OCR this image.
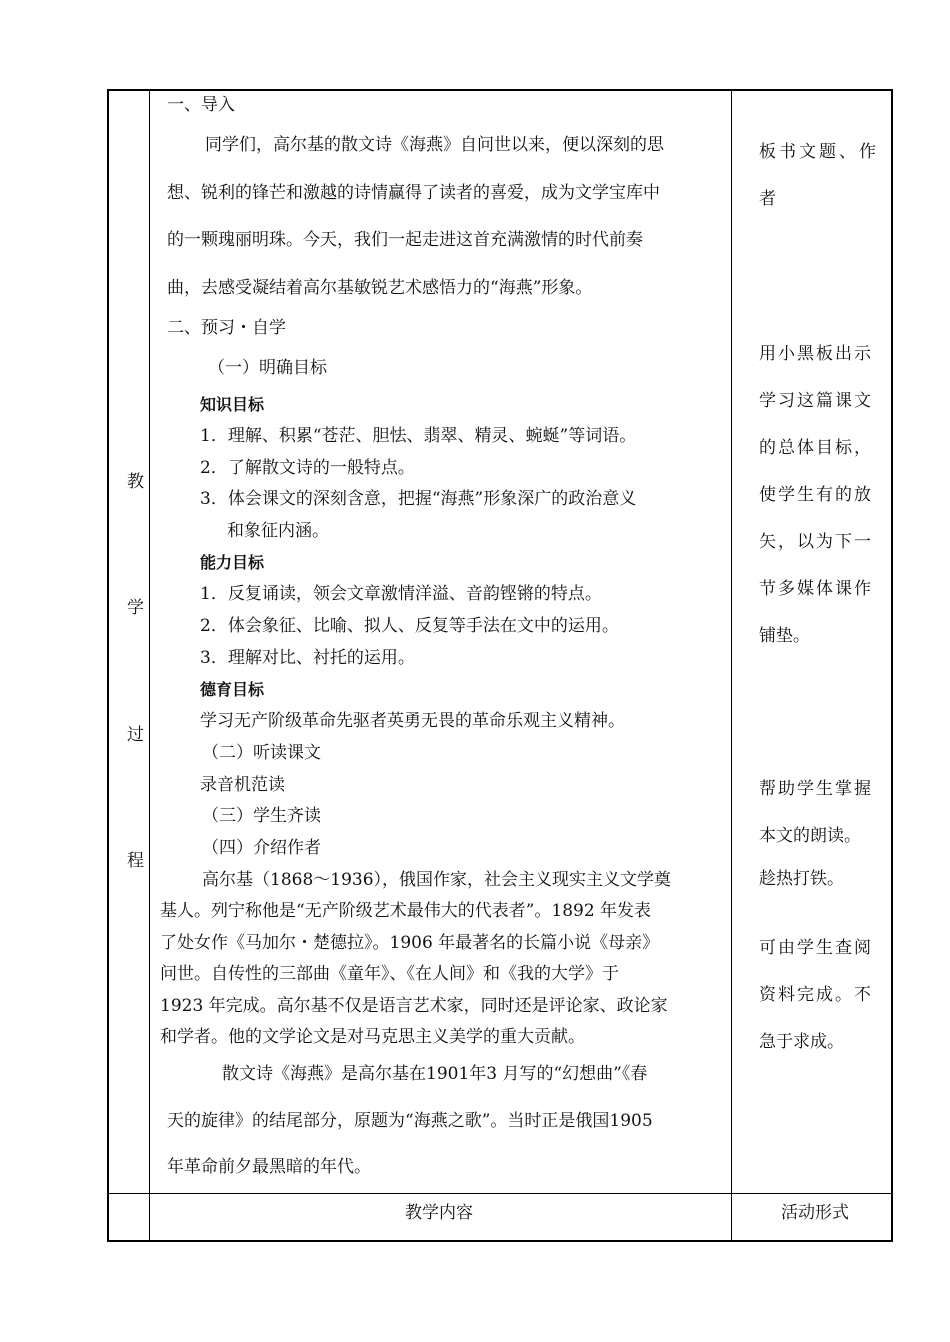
教
学
过
程
一、导入
同学们，高尔基的散文诗《海燕》自问世以来，便以深刻的思
想、锐利的锋芒和激越的诗情赢得了读者的喜爱，成为文学宝库中
的一颗瑰丽明珠。今天，我们一起走进这首充满激情的时代前奏
曲，去感受凝结着高尔基敏锐艺术感悟力的“海燕”形象。
二、预习・自学
（一）明确目标
知识目标
1．理解、积累“苍茫、胆怯、翡翠、精灵、蜿蜒”等词语。
2．了解散文诗的一般特点。
3．体会课文的深刻含意，把握“海燕”形象深广的政治意义
和象征内涵。
能力目标
1．反复诵读，领会文章激情洋溢、音韵铿锵的特点。
2．体会象征、比喻、拟人、反复等手法在文中的运用。
3．理解对比、衬托的运用。
德育目标
学习无产阶级革命先驱者英勇无畏的革命乐观主义精神。
（二）听读课文
录音机范读
（三）学生齐读
（四）介绍作者
高尔基（1868～1936），俄国作家，社会主义现实主义文学奠
基人。列宁称他是“无产阶级艺术最伟大的代表者”。1892 年发表
了处女作《马加尔・楚德拉》。1906 年最著名的长篇小说《母亲》
问世。自传性的三部曲《童年》、《在人间》和《我的大学》于
1923 年完成。高尔基不仅是语言艺术家，同时还是评论家、政论家
和学者。他的文学论文是对马克思主义美学的重大贡献。
散文诗《海燕》是高尔基在1901年3 月写的“幻想曲”《春
天的旋律》的结尾部分，原题为“海燕之歌”。当时正是俄国1905
年革命前夕最黑暗的年代。
板书文题、作
者
用小黑板出示
学习这篇课文
的总体目标，
使学生有的放
矢，以为下一
节多媒体课作
铺垫。
帮助学生掌握
本文的朗读。
趁热打铁。
可由学生查阅
资料完成。不
急于求成。
教学内容	活动形式
